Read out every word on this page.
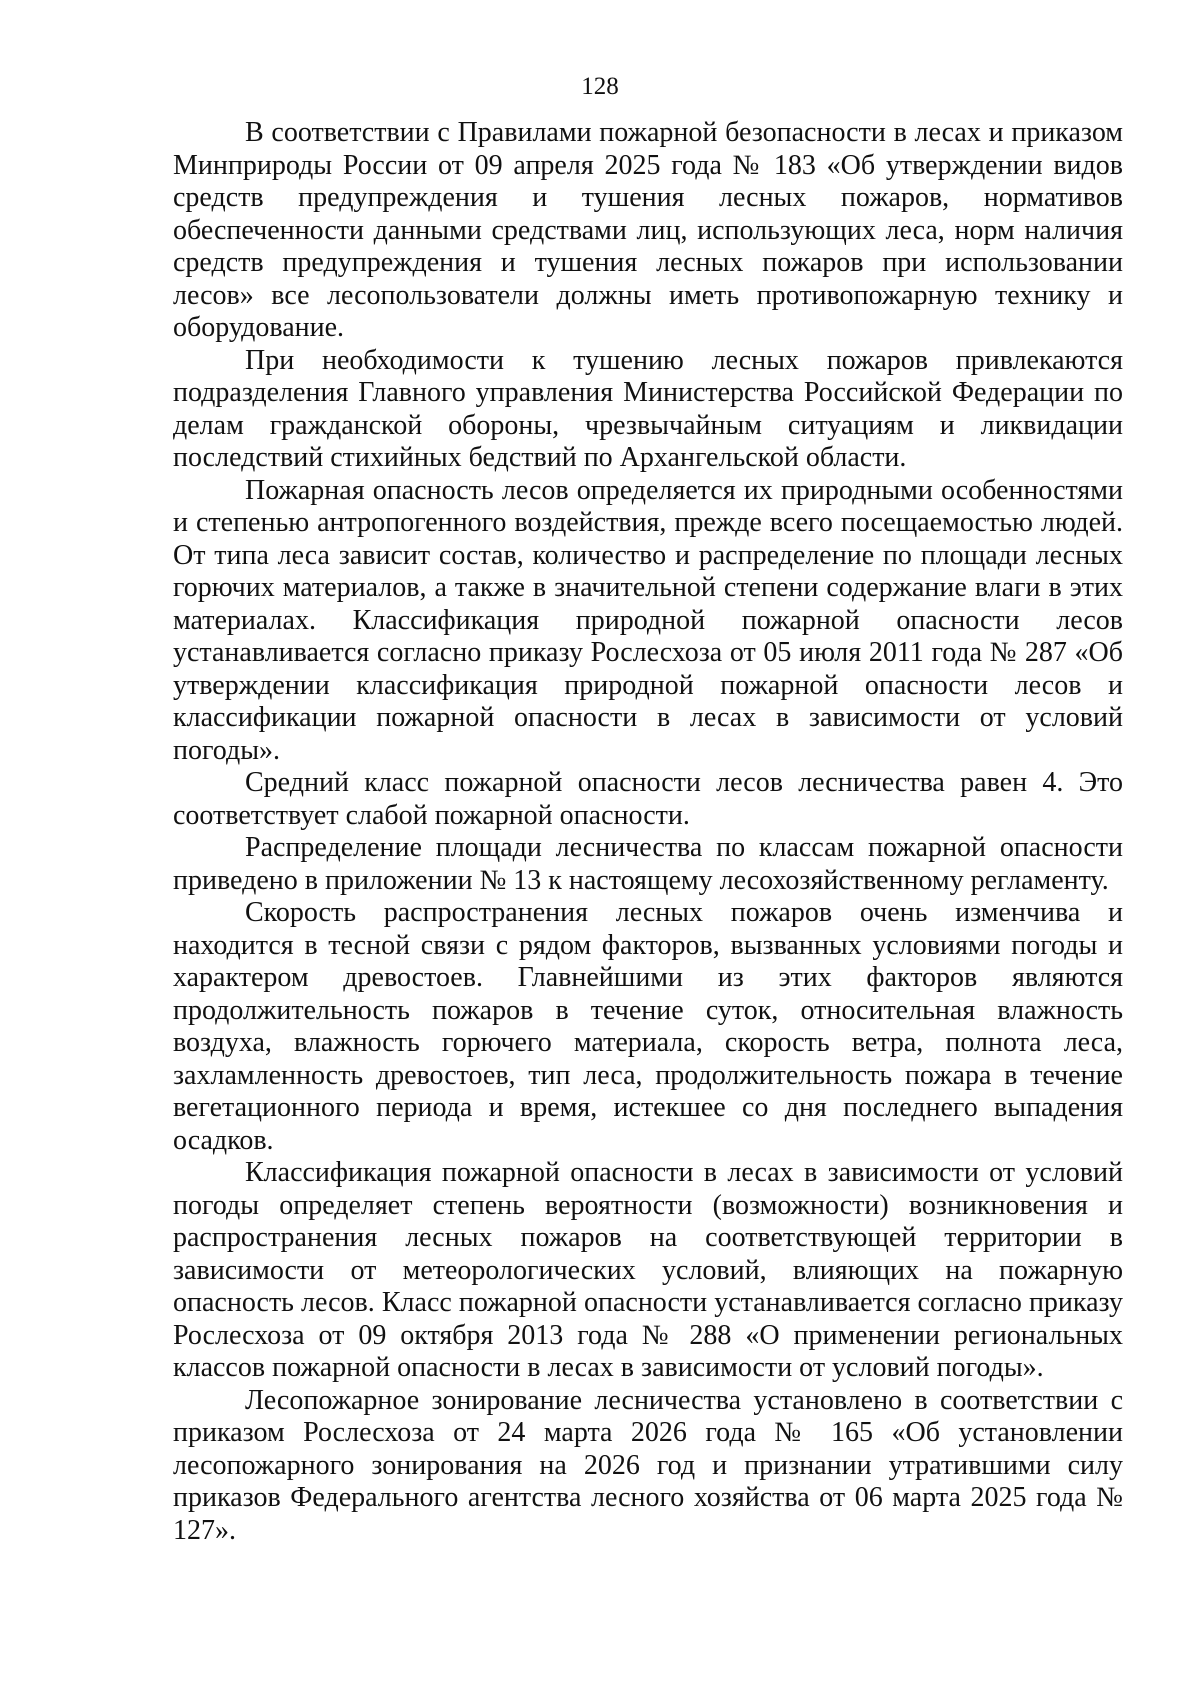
128

В соответствии с Правилами пожарной безопасности в лесах и приказом Минприроды России от 09 апреля 2025 года № 183 «Об утверждении видов средств предупреждения и тушения лесных пожаров, нормативов обеспеченности данными средствами лиц, использующих леса, норм наличия средств предупреждения и тушения лесных пожаров при использовании лесов» все лесопользователи должны иметь противопожарную технику и оборудование.

При необходимости к тушению лесных пожаров привлекаются подразделения Главного управления Министерства Российской Федерации по делам гражданской обороны, чрезвычайным ситуациям и ликвидации последствий стихийных бедствий по Архангельской области.

Пожарная опасность лесов определяется их природными особенностями и степенью антропогенного воздействия, прежде всего посещаемостью людей. От типа леса зависит состав, количество и распределение по площади лесных горючих материалов, а также в значительной степени содержание влаги в этих материалах. Классификация природной пожарной опасности лесов устанавливается согласно приказу Рослесхоза от 05 июля 2011 года № 287 «Об утверждении классификация природной пожарной опасности лесов и классификации пожарной опасности в лесах в зависимости от условий погоды».

Средний класс пожарной опасности лесов лесничества равен 4. Это соответствует слабой пожарной опасности.

Распределение площади лесничества по классам пожарной опасности приведено в приложении № 13 к настоящему лесохозяйственному регламенту.

Скорость распространения лесных пожаров очень изменчива и находится в тесной связи с рядом факторов, вызванных условиями погоды и характером древостоев. Главнейшими из этих факторов являются продолжительность пожаров в течение суток, относительная влажность воздуха, влажность горючего материала, скорость ветра, полнота леса, захламленность древостоев, тип леса, продолжительность пожара в течение вегетационного периода и время, истекшее со дня последнего выпадения осадков.

Классификация пожарной опасности в лесах в зависимости от условий погоды определяет степень вероятности (возможности) возникновения и распространения лесных пожаров на соответствующей территории в зависимости от метеорологических условий, влияющих на пожарную опасность лесов. Класс пожарной опасности устанавливается согласно приказу Рослесхоза от 09 октября 2013 года № 288 «О применении региональных классов пожарной опасности в лесах в зависимости от условий погоды».

Лесопожарное зонирование лесничества установлено в соответствии с приказом Рослесхоза от 24 марта 2026 года № 165 «Об установлении лесопожарного зонирования на 2026 год и признании утратившими силу приказов Федерального агентства лесного хозяйства от 06 марта 2025 года № 127».
